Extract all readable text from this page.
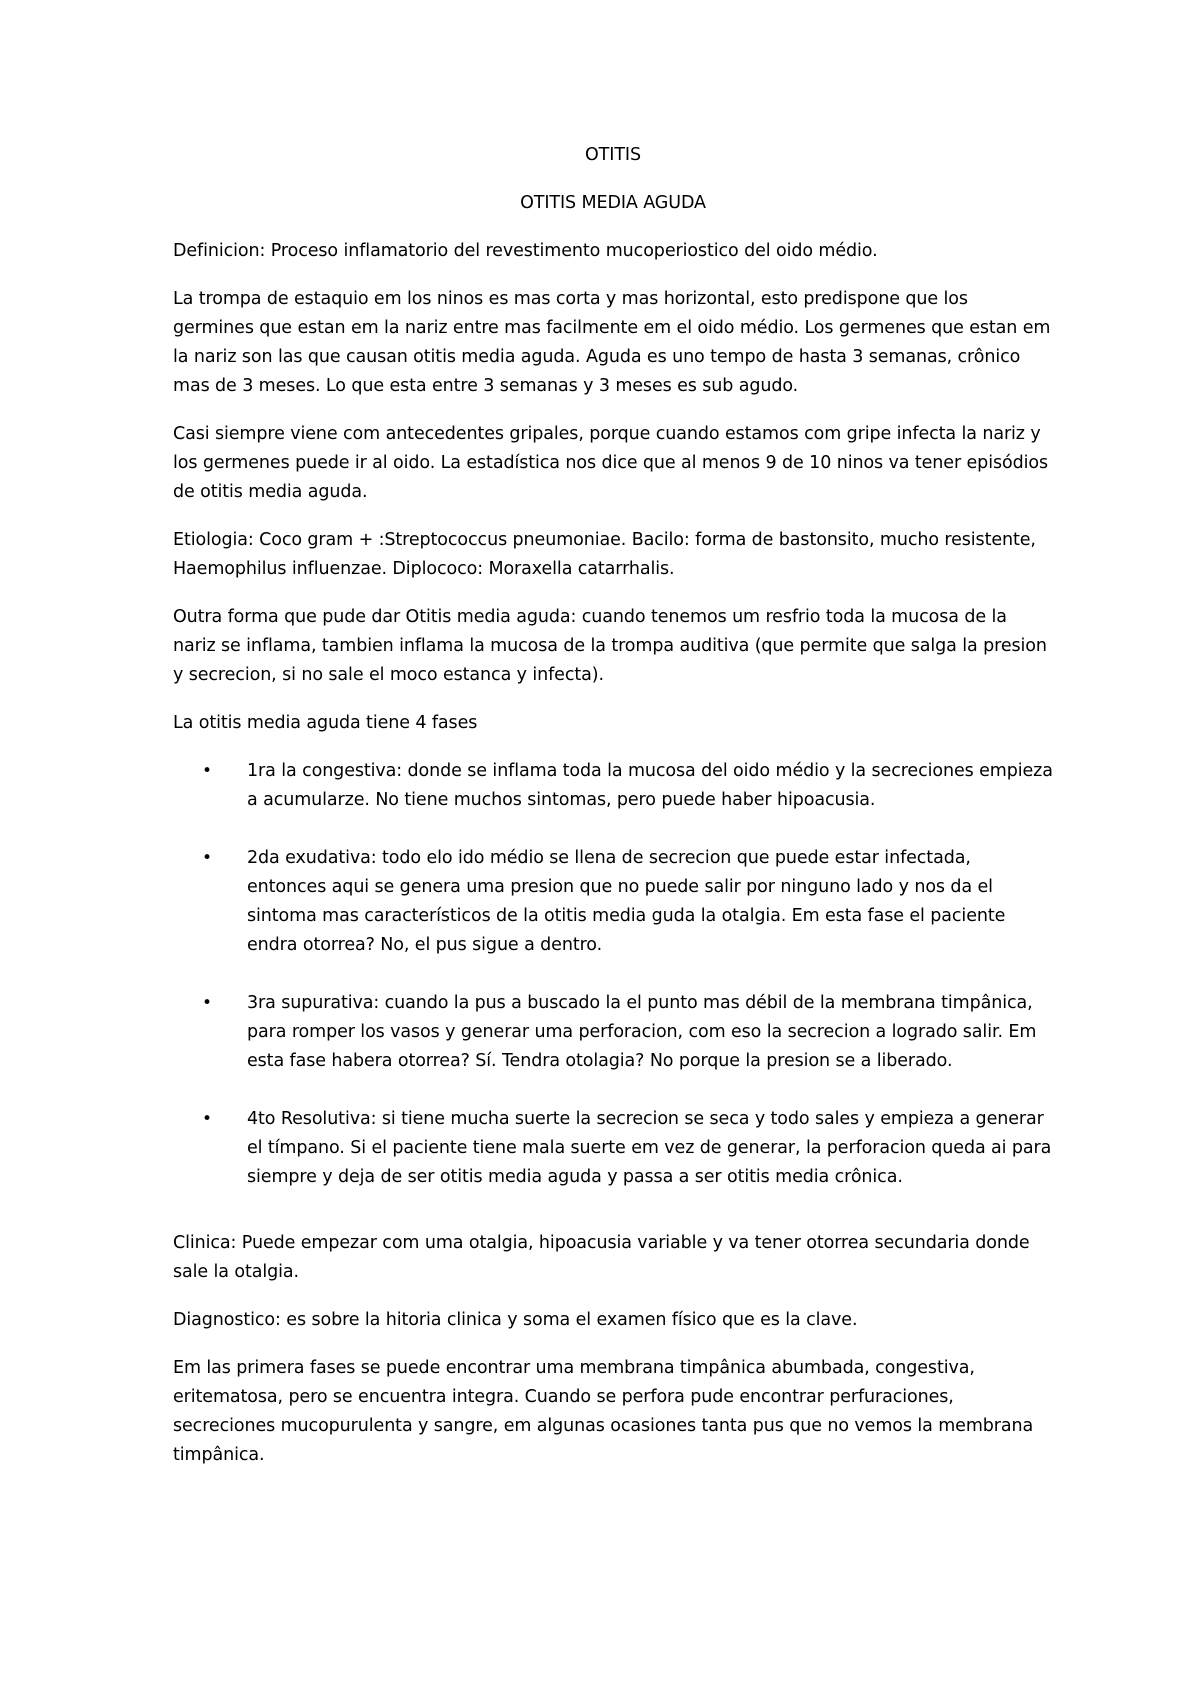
OTITIS
OTITIS MEDIA AGUDA

Definicion: Proceso inflamatorio del revestimento mucoperiostico del oido médio.

La trompa de estaquio em los ninos es mas corta y mas horizontal, esto predispone que los germines que estan em la nariz entre mas facilmente em el oido médio. Los germenes que estan em la nariz son las que causan otitis media aguda. Aguda es uno tempo de hasta 3 semanas, crônico mas de 3 meses. Lo que esta entre 3 semanas y 3 meses es sub agudo.

Casi siempre viene com antecedentes gripales, porque cuando estamos com gripe infecta la nariz y los germenes puede ir al oido. La estadística nos dice que al menos 9 de 10 ninos va tener episódios de otitis media aguda.

Etiologia: Coco gram + :Streptococcus pneumoniae. Bacilo: forma de bastonsito, mucho resistente, Haemophilus influenzae. Diplococo: Moraxella catarrhalis.

Outra forma que pude dar Otitis media aguda: cuando tenemos um resfrio toda la mucosa de la nariz se inflama, tambien inflama la mucosa de la trompa auditiva (que permite que salga la presion y secrecion, si no sale el moco estanca y infecta).

La otitis media aguda tiene 4 fases

• 1ra la congestiva: donde se inflama toda la mucosa del oido médio y la secreciones empieza a acumularze. No tiene muchos sintomas, pero puede haber hipoacusia.
• 2da exudativa: todo elo ido médio se llena de secrecion que puede estar infectada, entonces aqui se genera uma presion que no puede salir por ninguno lado y nos da el sintoma mas característicos de la otitis media guda la otalgia. Em esta fase el paciente endra otorrea? No, el pus sigue a dentro.
• 3ra supurativa: cuando la pus a buscado la el punto mas débil de la membrana timpânica, para romper los vasos y generar uma perforacion, com eso la secrecion a logrado salir. Em esta fase habera otorrea? Sí. Tendra otolagia? No porque la presion se a liberado.
• 4to Resolutiva: si tiene mucha suerte la secrecion se seca y todo sales y empieza a generar el tímpano. Si el paciente tiene mala suerte em vez de generar, la perforacion queda ai para siempre y deja de ser otitis media aguda y passa a ser otitis media crônica.

Clinica: Puede empezar com uma otalgia, hipoacusia variable y va tener otorrea secundaria donde sale la otalgia.

Diagnostico: es sobre la hitoria clinica y soma el examen físico que es la clave.

Em las primera fases se puede encontrar uma membrana timpânica abumbada, congestiva, eritematosa, pero se encuentra integra. Cuando se perfora pude encontrar perfuraciones, secreciones mucopurulenta y sangre, em algunas ocasiones tanta pus que no vemos la membrana timpânica.
